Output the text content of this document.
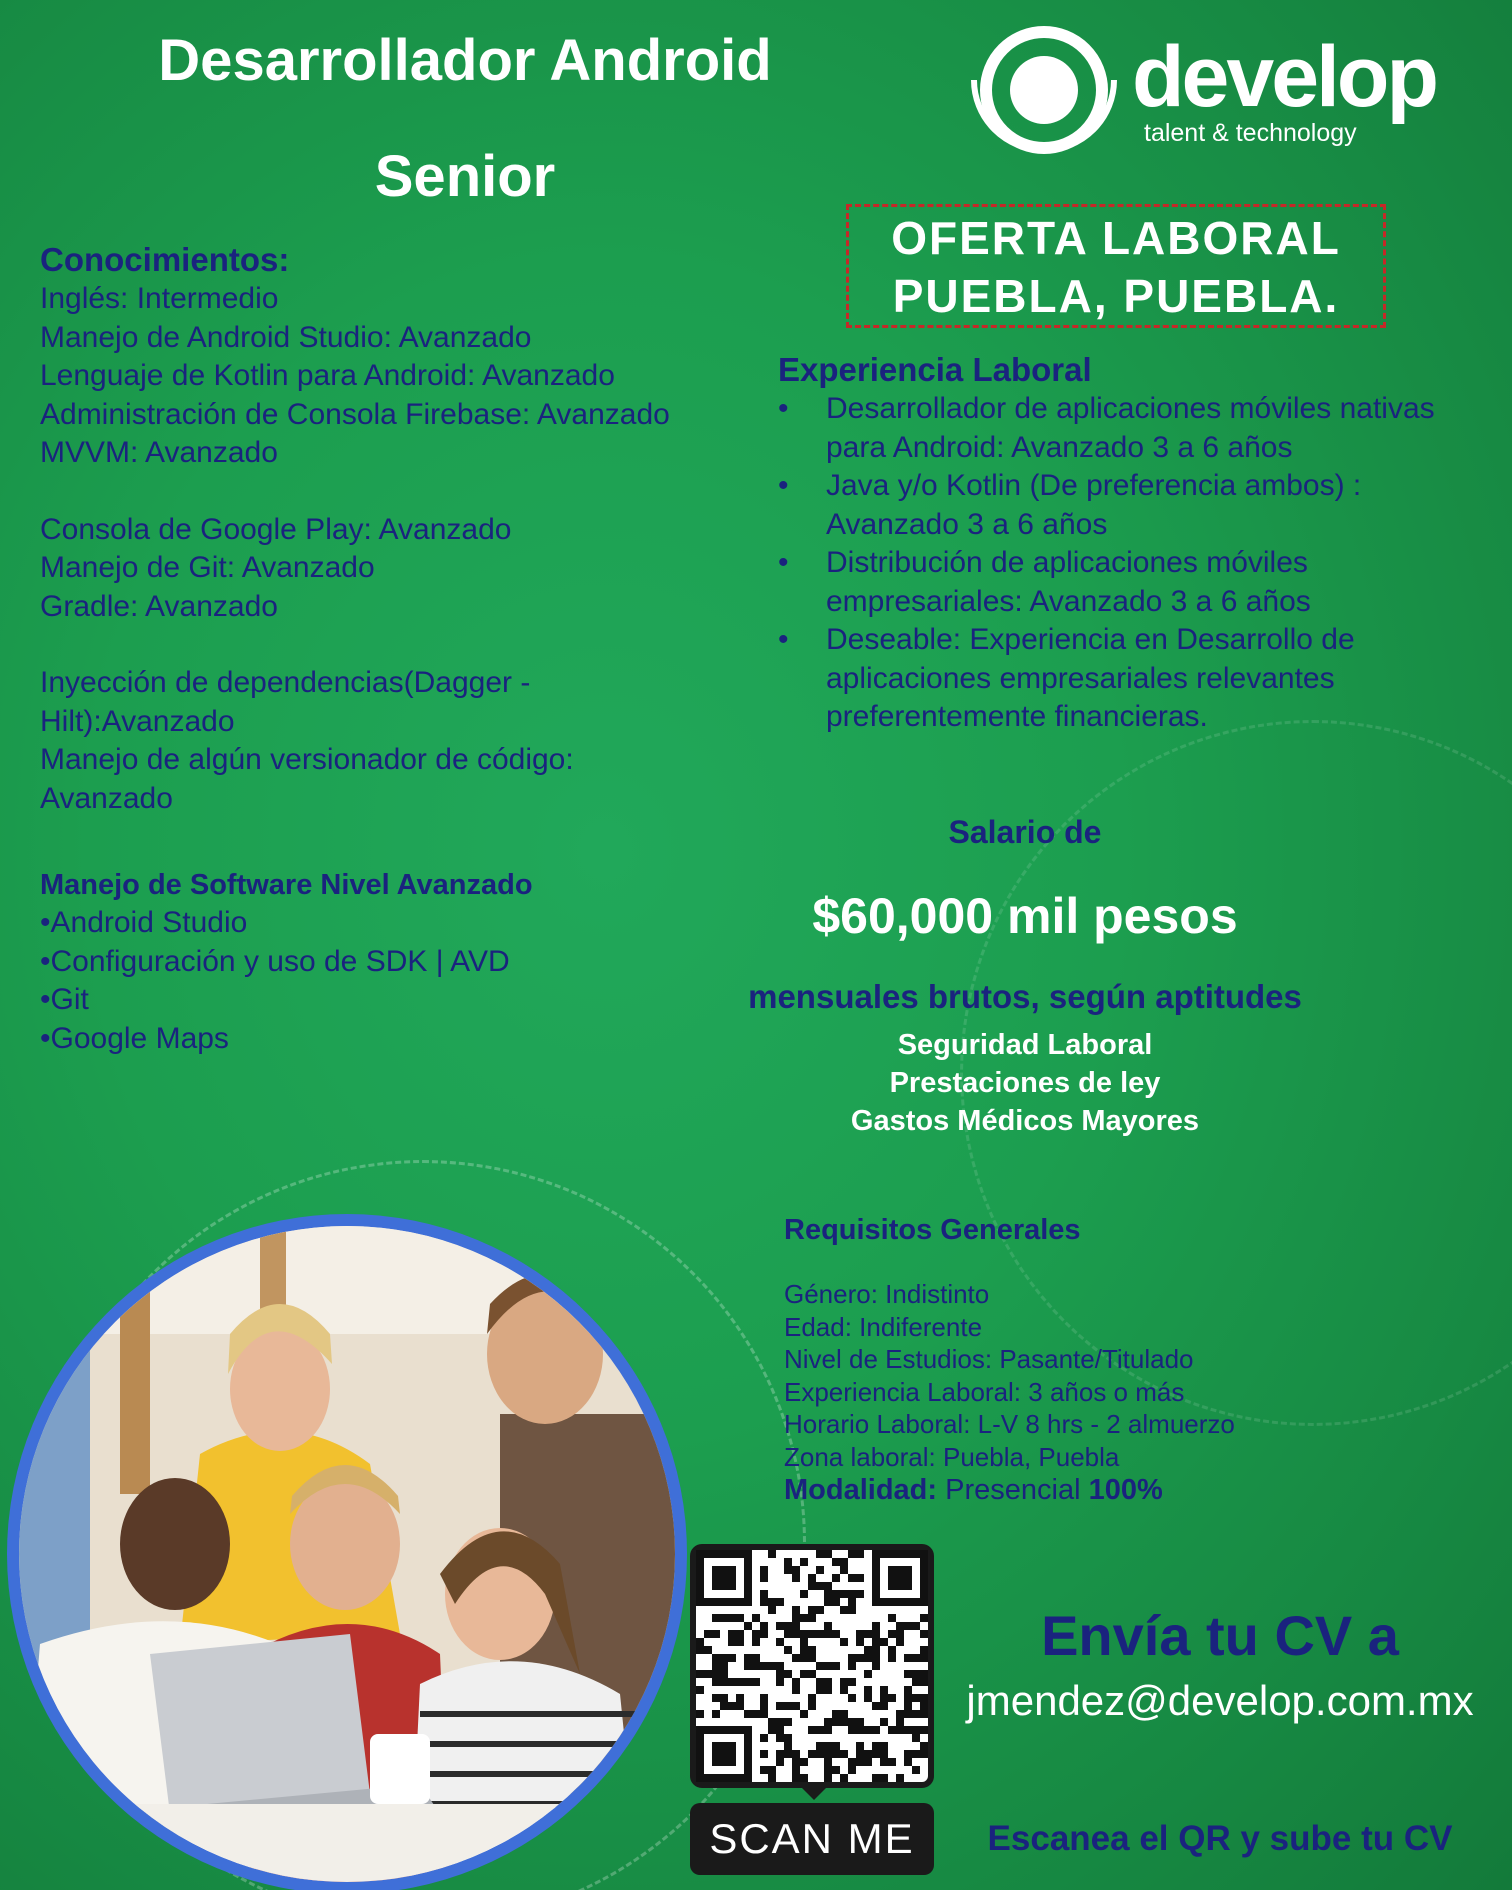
Desarrollador Android
Senior
develop
talent & technology
OFERTA LABORAL
PUEBLA, PUEBLA.
Conocimientos:
Inglés: Intermedio
Manejo de Android Studio: Avanzado
Lenguaje de Kotlin para Android: Avanzado
Administración de Consola Firebase: Avanzado
MVVM: Avanzado
Consola de Google Play: Avanzado
Manejo de Git: Avanzado
Gradle: Avanzado
Inyección de dependencias(Dagger -
Hilt):Avanzado
Manejo de algún versionador de código:
Avanzado
Manejo de Software Nivel Avanzado
•Android Studio
•Configuración y uso de SDK | AVD
•Git
•Google Maps
Experiencia Laboral
•	Desarrollador de aplicaciones móviles nativas
para Android: Avanzado 3 a 6 años
•	Java y/o Kotlin (De preferencia ambos) :
Avanzado 3 a 6 años
•	Distribución de aplicaciones móviles
empresariales: Avanzado 3 a 6 años
•	Deseable: Experiencia en Desarrollo de
aplicaciones empresariales relevantes
preferentemente financieras.
Salario de
$60,000 mil pesos
mensuales brutos, según aptitudes
Seguridad Laboral
Prestaciones de ley
Gastos Médicos Mayores
Requisitos Generales
Género: Indistinto
Edad: Indiferente
Nivel de Estudios: Pasante/Titulado
Experiencia Laboral: 3 años o más
Horario Laboral: L-V 8 hrs - 2 almuerzo
Zona laboral: Puebla, Puebla
Modalidad: Presencial 100%
SCAN ME
Envía tu CV a
jmendez@develop.com.mx
Escanea el QR y sube tu CV
